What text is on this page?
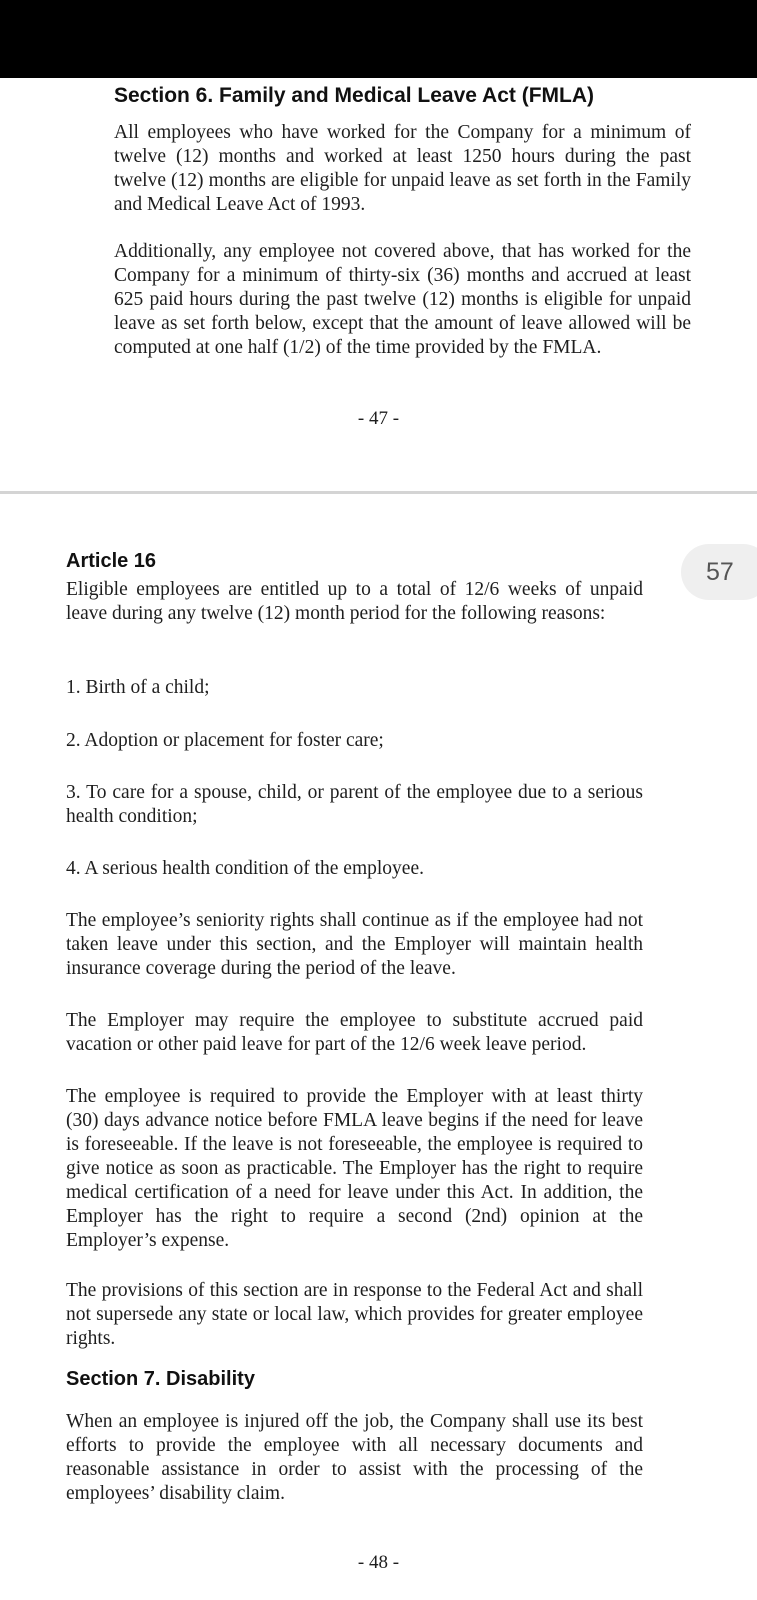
Section 6. Family and Medical Leave Act (FMLA)

All employees who have worked for the Company for a minimum of twelve (12) months and worked at least 1250 hours during the past twelve (12) months are eligible for unpaid leave as set forth in the Family and Medical Leave Act of 1993.

Additionally, any employee not covered above, that has worked for the Company for a minimum of thirty-six (36) months and accrued at least 625 paid hours during the past twelve (12) months is eligible for unpaid leave as set forth below, except that the amount of leave allowed will be computed at one half (1/2) of the time provided by the FMLA.

- 47 -

57
Article 16

Eligible employees are entitled up to a total of 12/6 weeks of unpaid leave during any twelve (12) month period for the following reasons:

1. Birth of a child;

2. Adoption or placement for foster care;

3. To care for a spouse, child, or parent of the employee due to a serious health condition;

4. A serious health condition of the employee.

The employee’s seniority rights shall continue as if the employee had not taken leave under this section, and the Employer will maintain health insurance coverage during the period of the leave.

The Employer may require the employee to substitute accrued paid vacation or other paid leave for part of the 12/6 week leave period.

The employee is required to provide the Employer with at least thirty (30) days advance notice before FMLA leave begins if the need for leave is foreseeable. If the leave is not foreseeable, the employee is required to give notice as soon as practicable. The Employer has the right to require medical certification of a need for leave under this Act. In addition, the Employer has the right to require a second (2nd) opinion at the Employer’s expense.

The provisions of this section are in response to the Federal Act and shall not supersede any state or local law, which provides for greater employee rights.

Section 7. Disability

When an employee is injured off the job, the Company shall use its best efforts to provide the employee with all necessary documents and reasonable assistance in order to assist with the processing of the employees’ disability claim.

- 48 -
